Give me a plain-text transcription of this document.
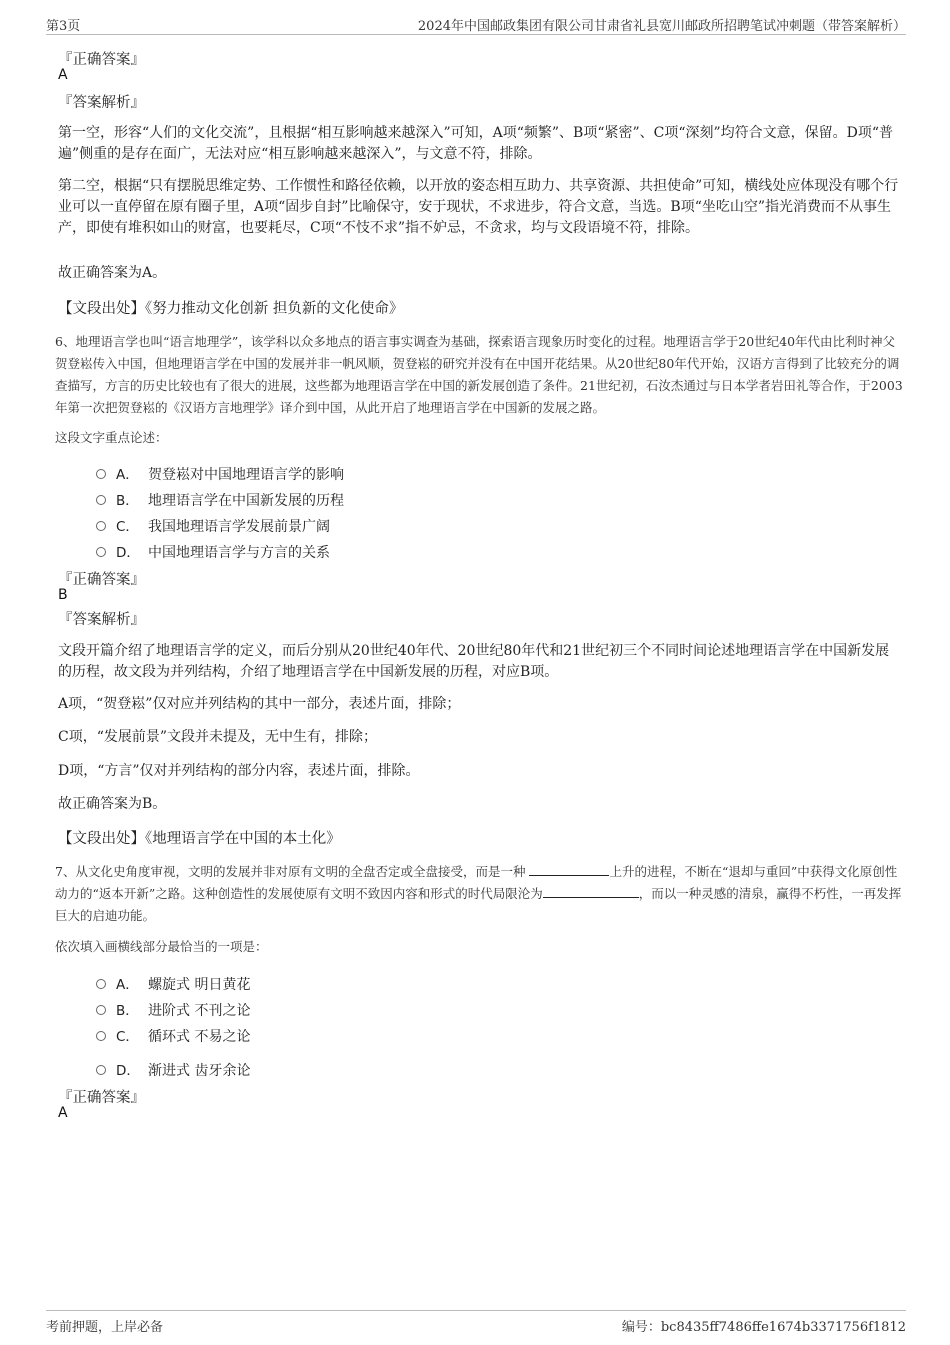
第3页	2024年中国邮政集团有限公司甘肃省礼县宽川邮政所招聘笔试冲刺题（带答案解析）
『正确答案』
A
『答案解析』
第一空，形容“人们的文化交流”，且根据“相互影响越来越深入”可知，A项“频繁”、B项“紧密”、C项“深刻”均符合文意，保留。D项“普遍”侧重的是存在面广，无法对应“相互影响越来越深入”，与文意不符，排除。
第二空，根据“只有摆脱思维定势、工作惯性和路径依赖，以开放的姿态相互助力、共享资源、共担使命”可知，横线处应体现没有哪个行业可以一直停留在原有圈子里，A项“固步自封”比喻保守，安于现状，不求进步，符合文意，当选。B项“坐吃山空”指光消费而不从事生产，即使有堆积如山的财富，也要耗尽，C项“不忮不求”指不妒忌，不贪求，均与文段语境不符，排除。
故正确答案为A。
【文段出处】《努力推动文化创新 担负新的文化使命》
6、地理语言学也叫“语言地理学”，该学科以众多地点的语言事实调查为基础，探索语言现象历时变化的过程。地理语言学于20世纪40年代由比利时神父贺登崧传入中国，但地理语言学在中国的发展并非一帆风顺，贺登崧的研究并没有在中国开花结果。从20世纪80年代开始，汉语方言得到了比较充分的调查描写，方言的历史比较也有了很大的进展，这些都为地理语言学在中国的新发展创造了条件。21世纪初，石汝杰通过与日本学者岩田礼等合作，于2003年第一次把贺登崧的《汉语方言地理学》译介到中国，从此开启了地理语言学在中国新的发展之路。
这段文字重点论述：
A． 贺登崧对中国地理语言学的影响
B． 地理语言学在中国新发展的历程
C． 我国地理语言学发展前景广阔
D． 中国地理语言学与方言的关系
『正确答案』
B
『答案解析』
文段开篇介绍了地理语言学的定义，而后分别从20世纪40年代、20世纪80年代和21世纪初三个不同时间论述地理语言学在中国新发展的历程，故文段为并列结构，介绍了地理语言学在中国新发展的历程，对应B项。
A项，“贺登崧”仅对应并列结构的其中一部分，表述片面，排除；
C项，“发展前景”文段并未提及，无中生有，排除；
D项，“方言”仅对并列结构的部分内容，表述片面，排除。
故正确答案为B。
【文段出处】《地理语言学在中国的本土化》
7、从文化史角度审视，文明的发展并非对原有文明的全盘否定或全盘接受，而是一种	上升的进程，不断在“退却与重回”中获得文化原创性动力的“返本开新”之路。这种创造性的发展使原有文明不致因内容和形式的时代局限沦为	，而以一种灵感的清泉，赢得不朽性，一再发挥巨大的启迪功能。
依次填入画横线部分最恰当的一项是：
A． 螺旋式 明日黄花
B． 进阶式 不刊之论
C． 循环式 不易之论
D． 渐进式 齿牙余论
『正确答案』
A
考前押题，上岸必备	编号：bc8435ff7486ffe1674b3371756f1812
